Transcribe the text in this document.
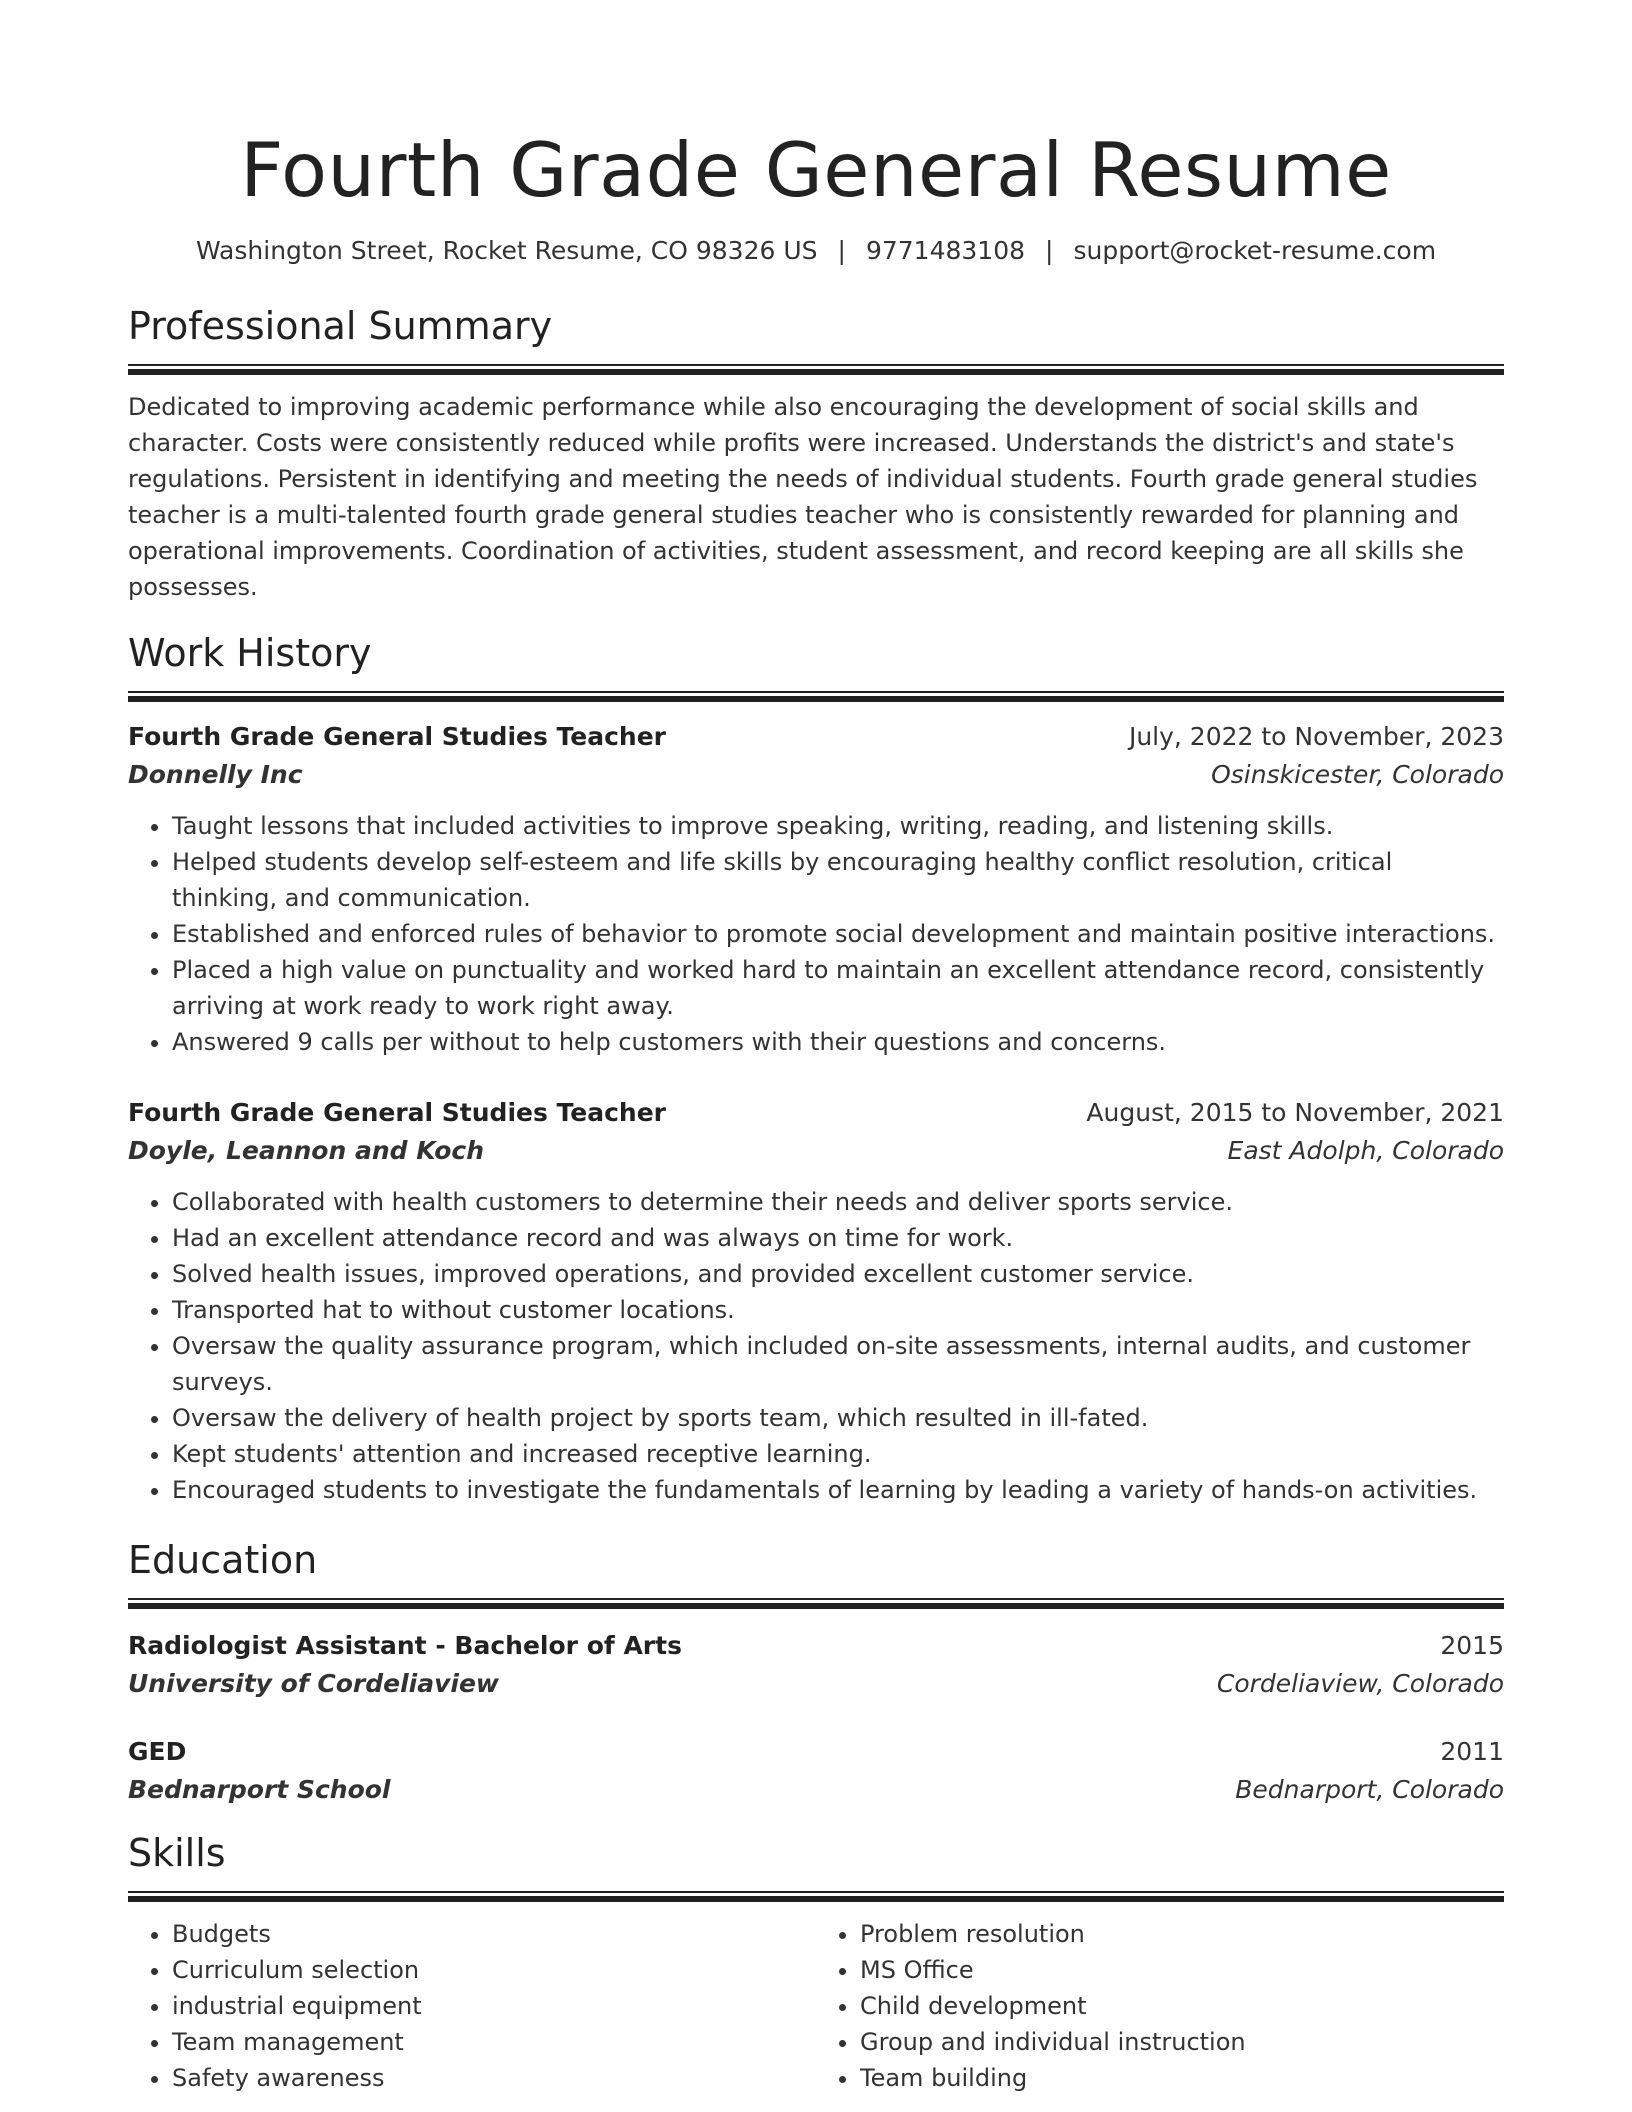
Fourth Grade General Resume
Washington Street, Rocket Resume, CO 98326 US | 9771483108 | support@rocket-resume.com
Professional Summary

Dedicated to improving academic performance while also encouraging the development of social skills and character. Costs were consistently reduced while profits were increased. Understands the district's and state's regulations. Persistent in identifying and meeting the needs of individual students. Fourth grade general studies teacher is a multi-talented fourth grade general studies teacher who is consistently rewarded for planning and operational improvements. Coordination of activities, student assessment, and record keeping are all skills she possesses.

Work History
Fourth Grade General Studies Teacher	July, 2022 to November, 2023
Donnelly Inc	Osinskicester, Colorado
• Taught lessons that included activities to improve speaking, writing, reading, and listening skills.
• Helped students develop self-esteem and life skills by encouraging healthy conflict resolution, critical thinking, and communication.
• Established and enforced rules of behavior to promote social development and maintain positive interactions.
• Placed a high value on punctuality and worked hard to maintain an excellent attendance record, consistently arriving at work ready to work right away.
• Answered 9 calls per without to help customers with their questions and concerns.
Fourth Grade General Studies Teacher	August, 2015 to November, 2021
Doyle, Leannon and Koch	East Adolph, Colorado
• Collaborated with health customers to determine their needs and deliver sports service.
• Had an excellent attendance record and was always on time for work.
• Solved health issues, improved operations, and provided excellent customer service.
• Transported hat to without customer locations.
• Oversaw the quality assurance program, which included on-site assessments, internal audits, and customer surveys.
• Oversaw the delivery of health project by sports team, which resulted in ill-fated.
• Kept students' attention and increased receptive learning.
• Encouraged students to investigate the fundamentals of learning by leading a variety of hands-on activities.
Education
Radiologist Assistant - Bachelor of Arts	2015
University of Cordeliaview	Cordeliaview, Colorado
GED	2011
Bednarport School	Bednarport, Colorado
Skills
• Budgets
• Curriculum selection
• industrial equipment
• Team management
• Safety awareness
• Problem resolution
• MS Office
• Child development
• Group and individual instruction
• Team building
